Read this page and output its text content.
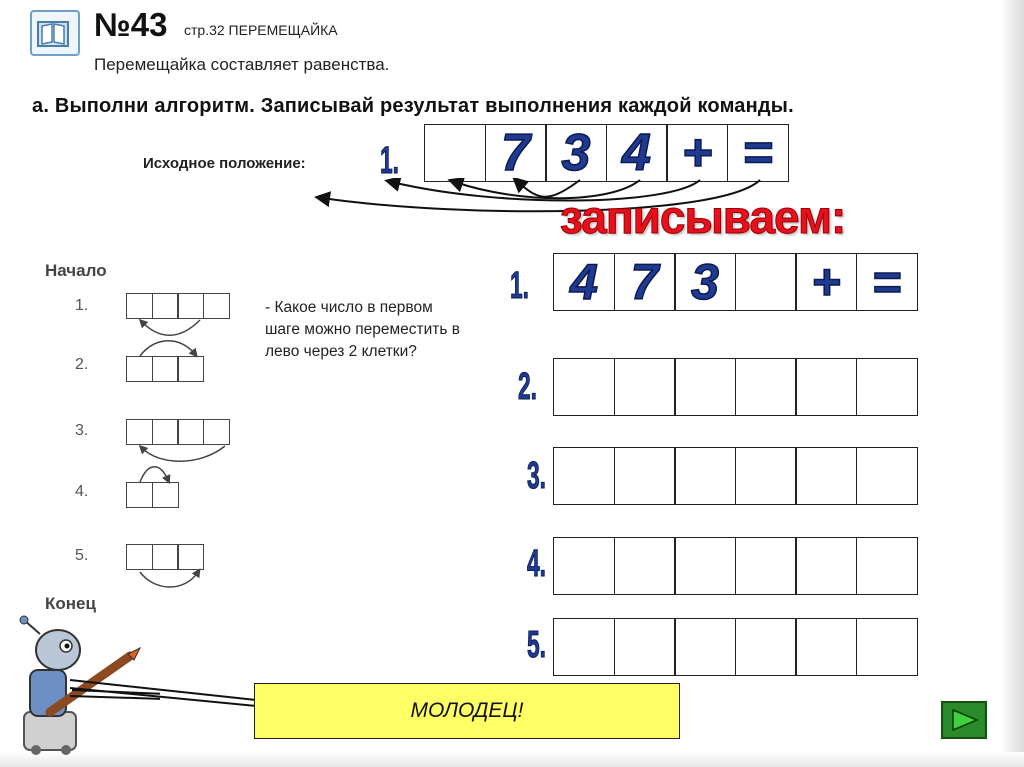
№43 стр.32 ПЕРЕМЕЩАЙКА
Перемещайка составляет равенства.
а. Выполни алгоритм. Записывай результат выполнения каждой команды.
Исходное положение: 1.	7 3 4 + =
записываем:
1. 4 7 3	+ =
2.
3.
4.
5.
Начало
1.
2.
3.
4.
5.
Конец
- Какое число в первом шаге можно переместить в лево через 2 клетки?
МОЛОДЕЦ!
